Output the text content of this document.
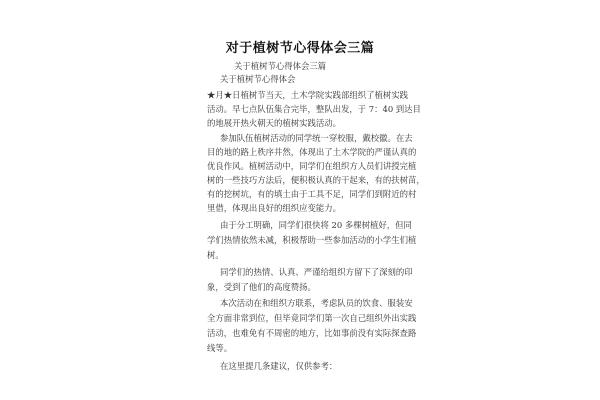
对于植树节心得体会三篇
关于植树节心得体会三篇
关于植树节心得体会
★月★日植树节当天，土木学院实践部组织了植树实践
活动。早七点队伍集合完毕，整队出发，于 7：40 到达目
的地展开热火朝天的植树实践活动。
参加队伍植树活动的同学统一穿校服，戴校徽。在去
目的地的路上秩序井然，体现出了土木学院的严谨认真的
优良作风。植树活动中，同学们在组织方人员们讲授完植
树的一些技巧方法后，便积极认真的干起来，有的扶树苗，
有的挖树坑，有的填土由于工具不足，同学们到附近的村
里借，体现出良好的组织应变能力。
由于分工明确，同学们很快将 20 多棵树植好，但同
学们热情依然未减，积极帮助一些参加活动的小学生们植
树。
同学们的热情、认真、严谨给组织方留下了深刻的印
象，受到了他们的高度赞扬。
本次活动在和组织方联系，考虑队员的饮食、服装安
全方面非常到位，但毕竟同学们第一次自己组织外出实践
活动，也难免有不周密的地方，比如事前没有实际探查路
线等。
在这里提几条建议，仅供参考：
